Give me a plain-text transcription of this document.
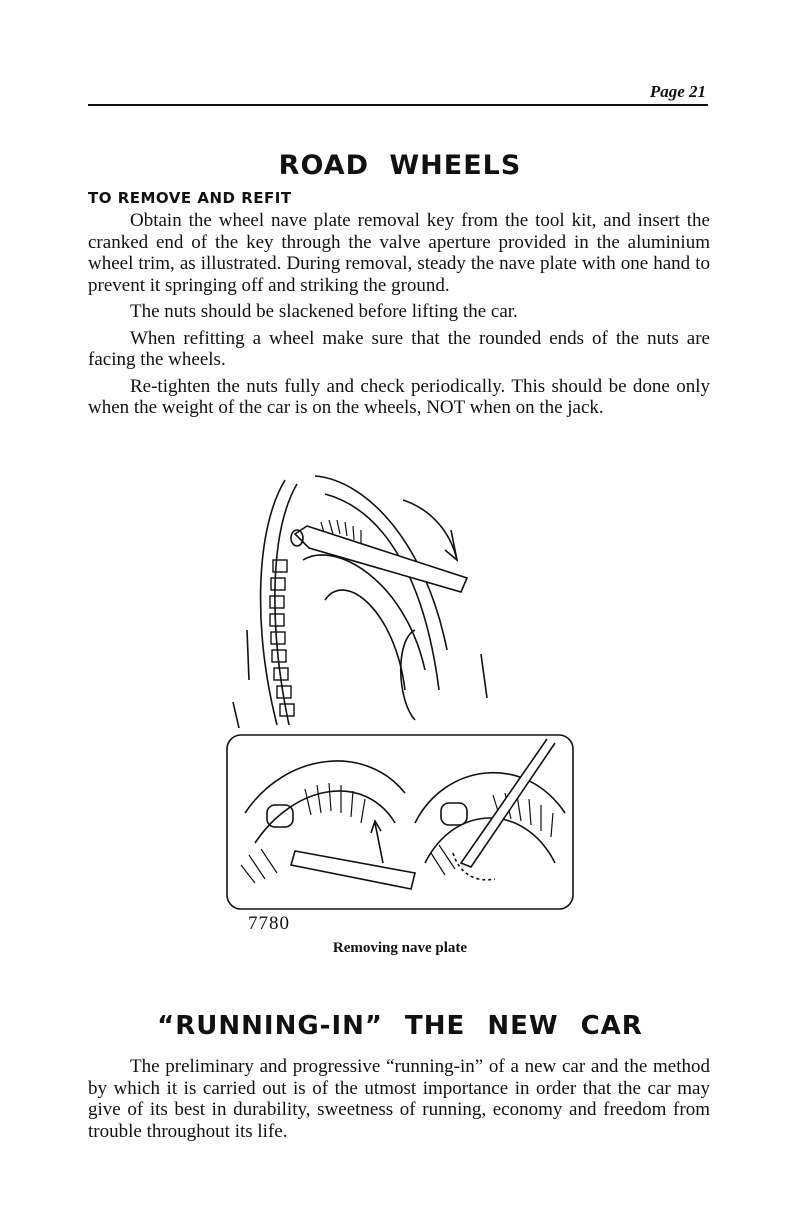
Page 21
ROAD WHEELS
TO REMOVE AND REFIT

Obtain the wheel nave plate removal key from the tool kit, and insert the cranked end of the key through the valve aperture provided in the aluminium wheel trim, as illustrated. During removal, steady the nave plate with one hand to prevent it springing off and striking the ground.

The nuts should be slackened before lifting the car.

When refitting a wheel make sure that the rounded ends of the nuts are facing the wheels.

Re-tighten the nuts fully and check periodically. This should be done only when the weight of the car is on the wheels, NOT when on the jack.

7780
Removing nave plate
“RUNNING-IN” THE NEW CAR

The preliminary and progressive “running-in” of a new car and the method by which it is carried out is of the utmost importance in order that the car may give of its best in durability, sweetness of running, economy and freedom from trouble throughout its life.
